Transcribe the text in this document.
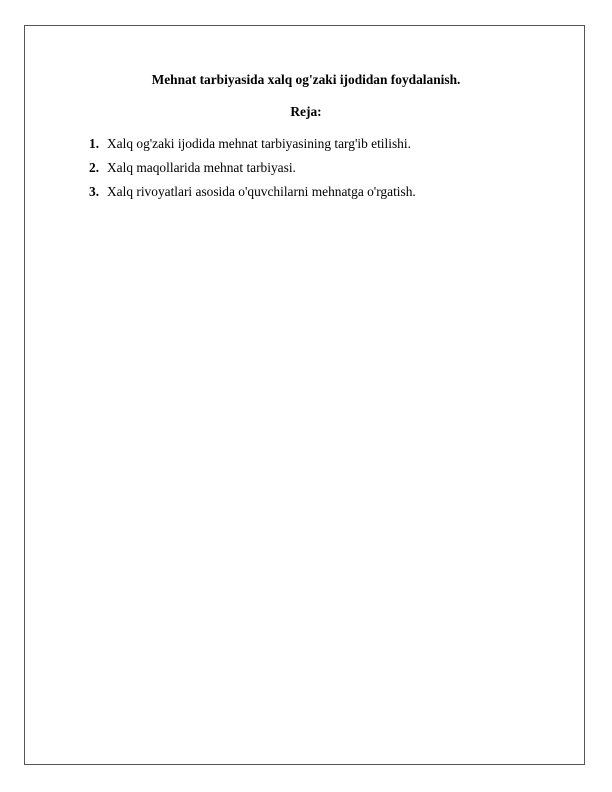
Mehnat tarbiyasida xalq og'zaki ijodidan foydalanish.
Reja:
1. Xalq og'zaki ijodida mehnat tarbiyasining targ'ib etilishi.
2. Xalq maqollarida mehnat tarbiyasi.
3. Xalq rivoyatlari asosida o'quvchilarni mehnatga o'rgatish.
